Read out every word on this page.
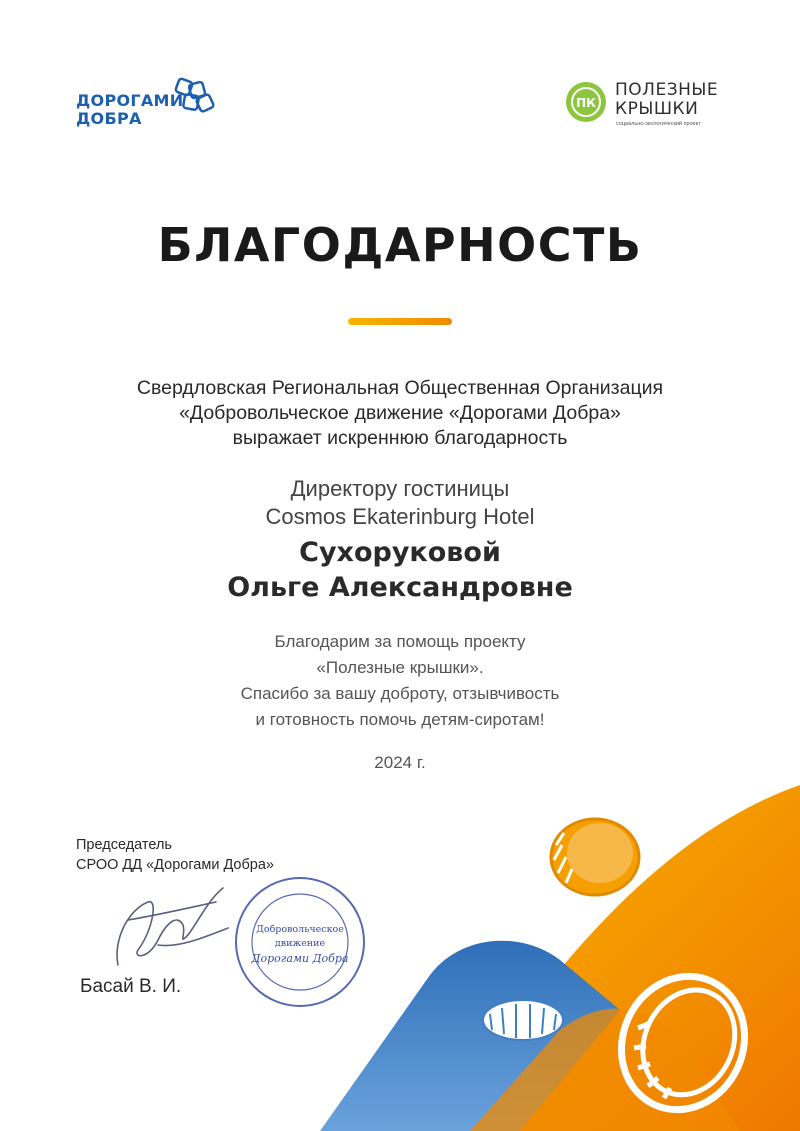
ДОРОГАМИ
ДОБРА
ПК
ПОЛЕЗНЫЕ
КРЫШКИ
социально-экологический проект
БЛАГОДАРНОСТЬ
Свердловская Региональная Общественная Организация
«Добровольческое движение «Дорогами Добра»
выражает искреннюю благодарность
Директору гостиницы
Cosmos Ekaterinburg Hotel
Сухоруковой
Ольге Александровне
Благодарим за помощь проекту
«Полезные крышки».
Спасибо за вашу доброту, отзывчивость
и готовность помочь детям-сиротам!
2024 г.
Председатель
СРОО ДД «Дорогами Добра»
Добровольческое
движение
Дорогами Добра
Басай В. И.
